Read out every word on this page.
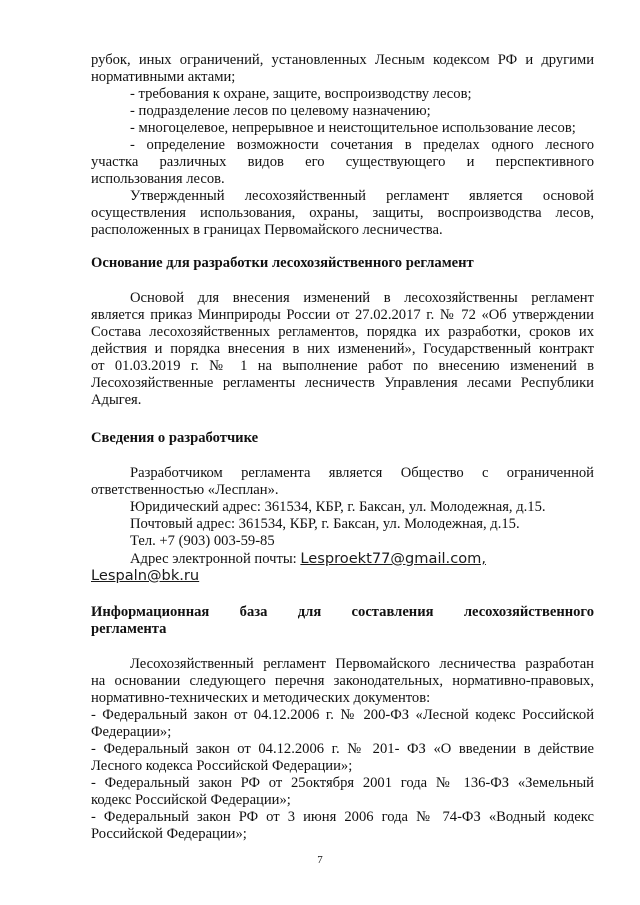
рубок, иных ограничений, установленных Лесным кодексом РФ и другими

нормативными актами;

- требования к охране, защите, воспроизводству лесов;

- подразделение лесов по целевому назначению;

- многоцелевое, непрерывное и неистощительное использование лесов;

- определение возможности сочетания в пределах одного лесного

участка различных видов его существующего и перспективного

использования лесов.

Утвержденный лесохозяйственный регламент является основой

осуществления использования, охраны, защиты, воспроизводства лесов,

расположенных в границах Первомайского лесничества.

Основание для разработки лесохозяйственного регламент

Основой для внесения изменений в лесохозяйственны регламент

является приказ Минприроды России от 27.02.2017 г. № 72 «Об утверждении

Состава лесохозяйственных регламентов, порядка их разработки, сроков их

действия и порядка внесения в них изменений», Государственный контракт

от 01.03.2019 г. № 1 на выполнение работ по внесению изменений в

Лесохозяйственные регламенты лесничеств Управления лесами Республики

Адыгея.

Сведения о разработчике

Разработчиком регламента является Общество с ограниченной

ответственностью «Лесплан».

Юридический адрес: 361534, КБР, г. Баксан, ул. Молодежная, д.15.

Почтовый адрес: 361534, КБР, г. Баксан, ул. Молодежная, д.15.

Тел. +7 (903) 003-59-85

Адрес электронной почты: Lesproekt77@gmail.com,

Lespaln@bk.ru

Информационная база для составления лесохозяйственного

регламента

Лесохозяйственный регламент Первомайского лесничества разработан

на основании следующего перечня законодательных, нормативно-правовых,

нормативно-технических и методических документов:

- Федеральный закон от 04.12.2006 г. № 200-ФЗ «Лесной кодекс Российской

Федерации»;

- Федеральный закон от 04.12.2006 г. № 201- ФЗ «О введении в действие

Лесного кодекса Российской Федерации»;

- Федеральный закон РФ от 25октября 2001 года № 136-ФЗ «Земельный

кодекс Российской Федерации»;

- Федеральный закон РФ от 3 июня 2006 года № 74-ФЗ «Водный кодекс

Российской Федерации»;

7
